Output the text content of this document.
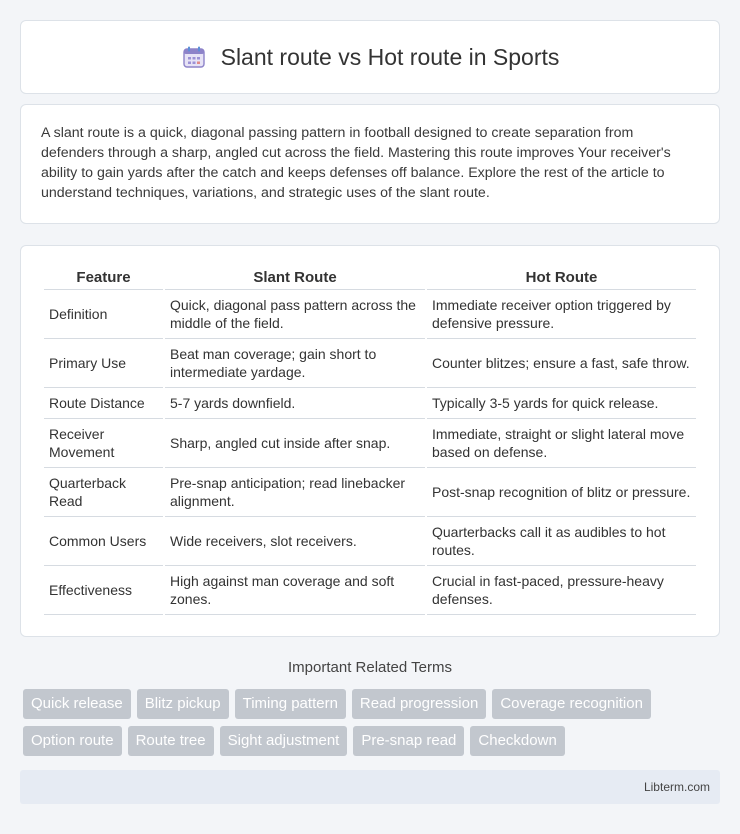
Slant route vs Hot route in Sports

A slant route is a quick, diagonal passing pattern in football designed to create separation from defenders through a sharp, angled cut across the field. Mastering this route improves Your receiver's ability to gain yards after the catch and keeps defenses off balance. Explore the rest of the article to understand techniques, variations, and strategic uses of the slant route.

Feature	Slant Route	Hot Route
Definition	Quick, diagonal pass pattern across the middle of the field.	Immediate receiver option triggered by defensive pressure.
Primary Use	Beat man coverage; gain short to intermediate yardage.	Counter blitzes; ensure a fast, safe throw.
Route Distance	5-7 yards downfield.	Typically 3-5 yards for quick release.
Receiver Movement	Sharp, angled cut inside after snap.	Immediate, straight or slight lateral move based on defense.
Quarterback Read	Pre-snap anticipation; read linebacker alignment.	Post-snap recognition of blitz or pressure.
Common Users	Wide receivers, slot receivers.	Quarterbacks call it as audibles to hot routes.
Effectiveness	High against man coverage and soft zones.	Crucial in fast-paced, pressure-heavy defenses.
Important Related Terms
Quick release	Blitz pickup	Timing pattern	Read progression	Coverage recognition
Option route	Route tree	Sight adjustment	Pre-snap read	Checkdown
Libterm.com
